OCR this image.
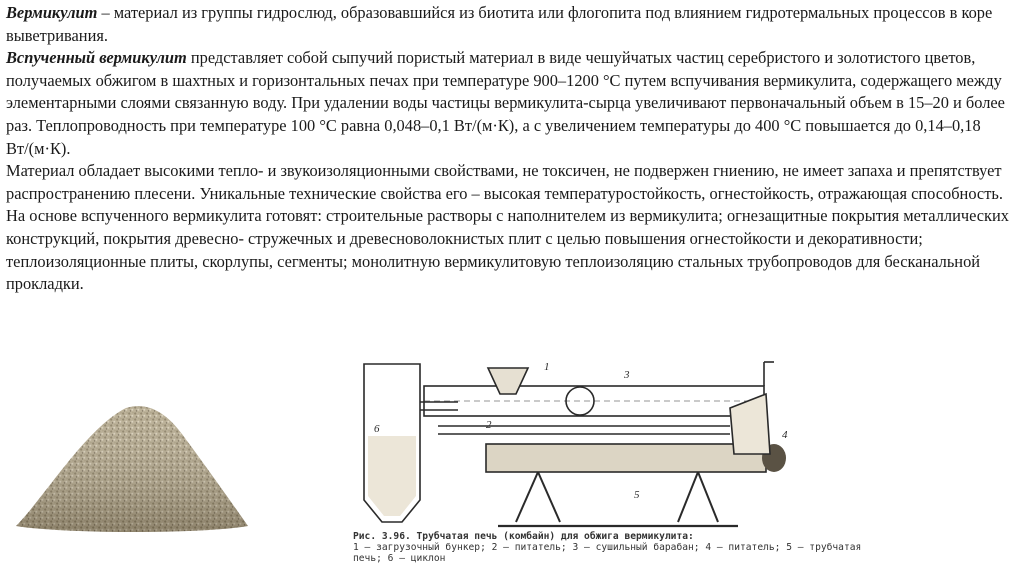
Вермикулит – материал из группы гидрослюд, образовавшийся из биотита или флогопита под влиянием гидротермальных процессов в коре выветривания.

Вспученный вермикулит представляет собой сыпучий пористый материал в виде чешуйчатых частиц серебристого и золотистого цветов, получаемых обжигом в шахтных и горизонтальных печах при температуре 900–1200 °С путем вспучивания вермикулита, содержащего между элементарными слоями связанную воду. При удалении воды частицы вермикулита-сырца увеличивают первоначальный объем в 15–20 и более раз. Теплопроводность при температуре 100 °С равна 0,048–0,1 Вт/(м·К), а с увеличением температуры до 400 °С повышается до 0,14–0,18 Вт/(м·К).

Материал обладает высокими тепло- и звукоизоляционными свойствами, не токсичен, не подвержен гниению, не имеет запаха и препятствует распространению плесени. Уникальные технические свойства его – высокая температуростойкость, огнестойкость, отражающая способность.

На основе вспученного вермикулита готовят: строительные растворы с наполнителем из вермикулита; огнезащитные покрытия металлических конструкций, покрытия древесно- стружечных и древесноволокнистых плит с целью повышения огнестойкости и декоративности; теплоизоляционные плиты, скорлупы, сегменты; монолитную вермикулитовую теплоизоляцию стальных трубопроводов для бесканальной прокладки.

1
2
3
4
5
6
Рис. 3.96. Трубчатая печь (комбайн) для обжига вермикулита:
1 — загрузочный бункер; 2 — питатель; 3 — сушильный барабан; 4 — питатель; 5 — трубчатая печь; 6 — циклон
